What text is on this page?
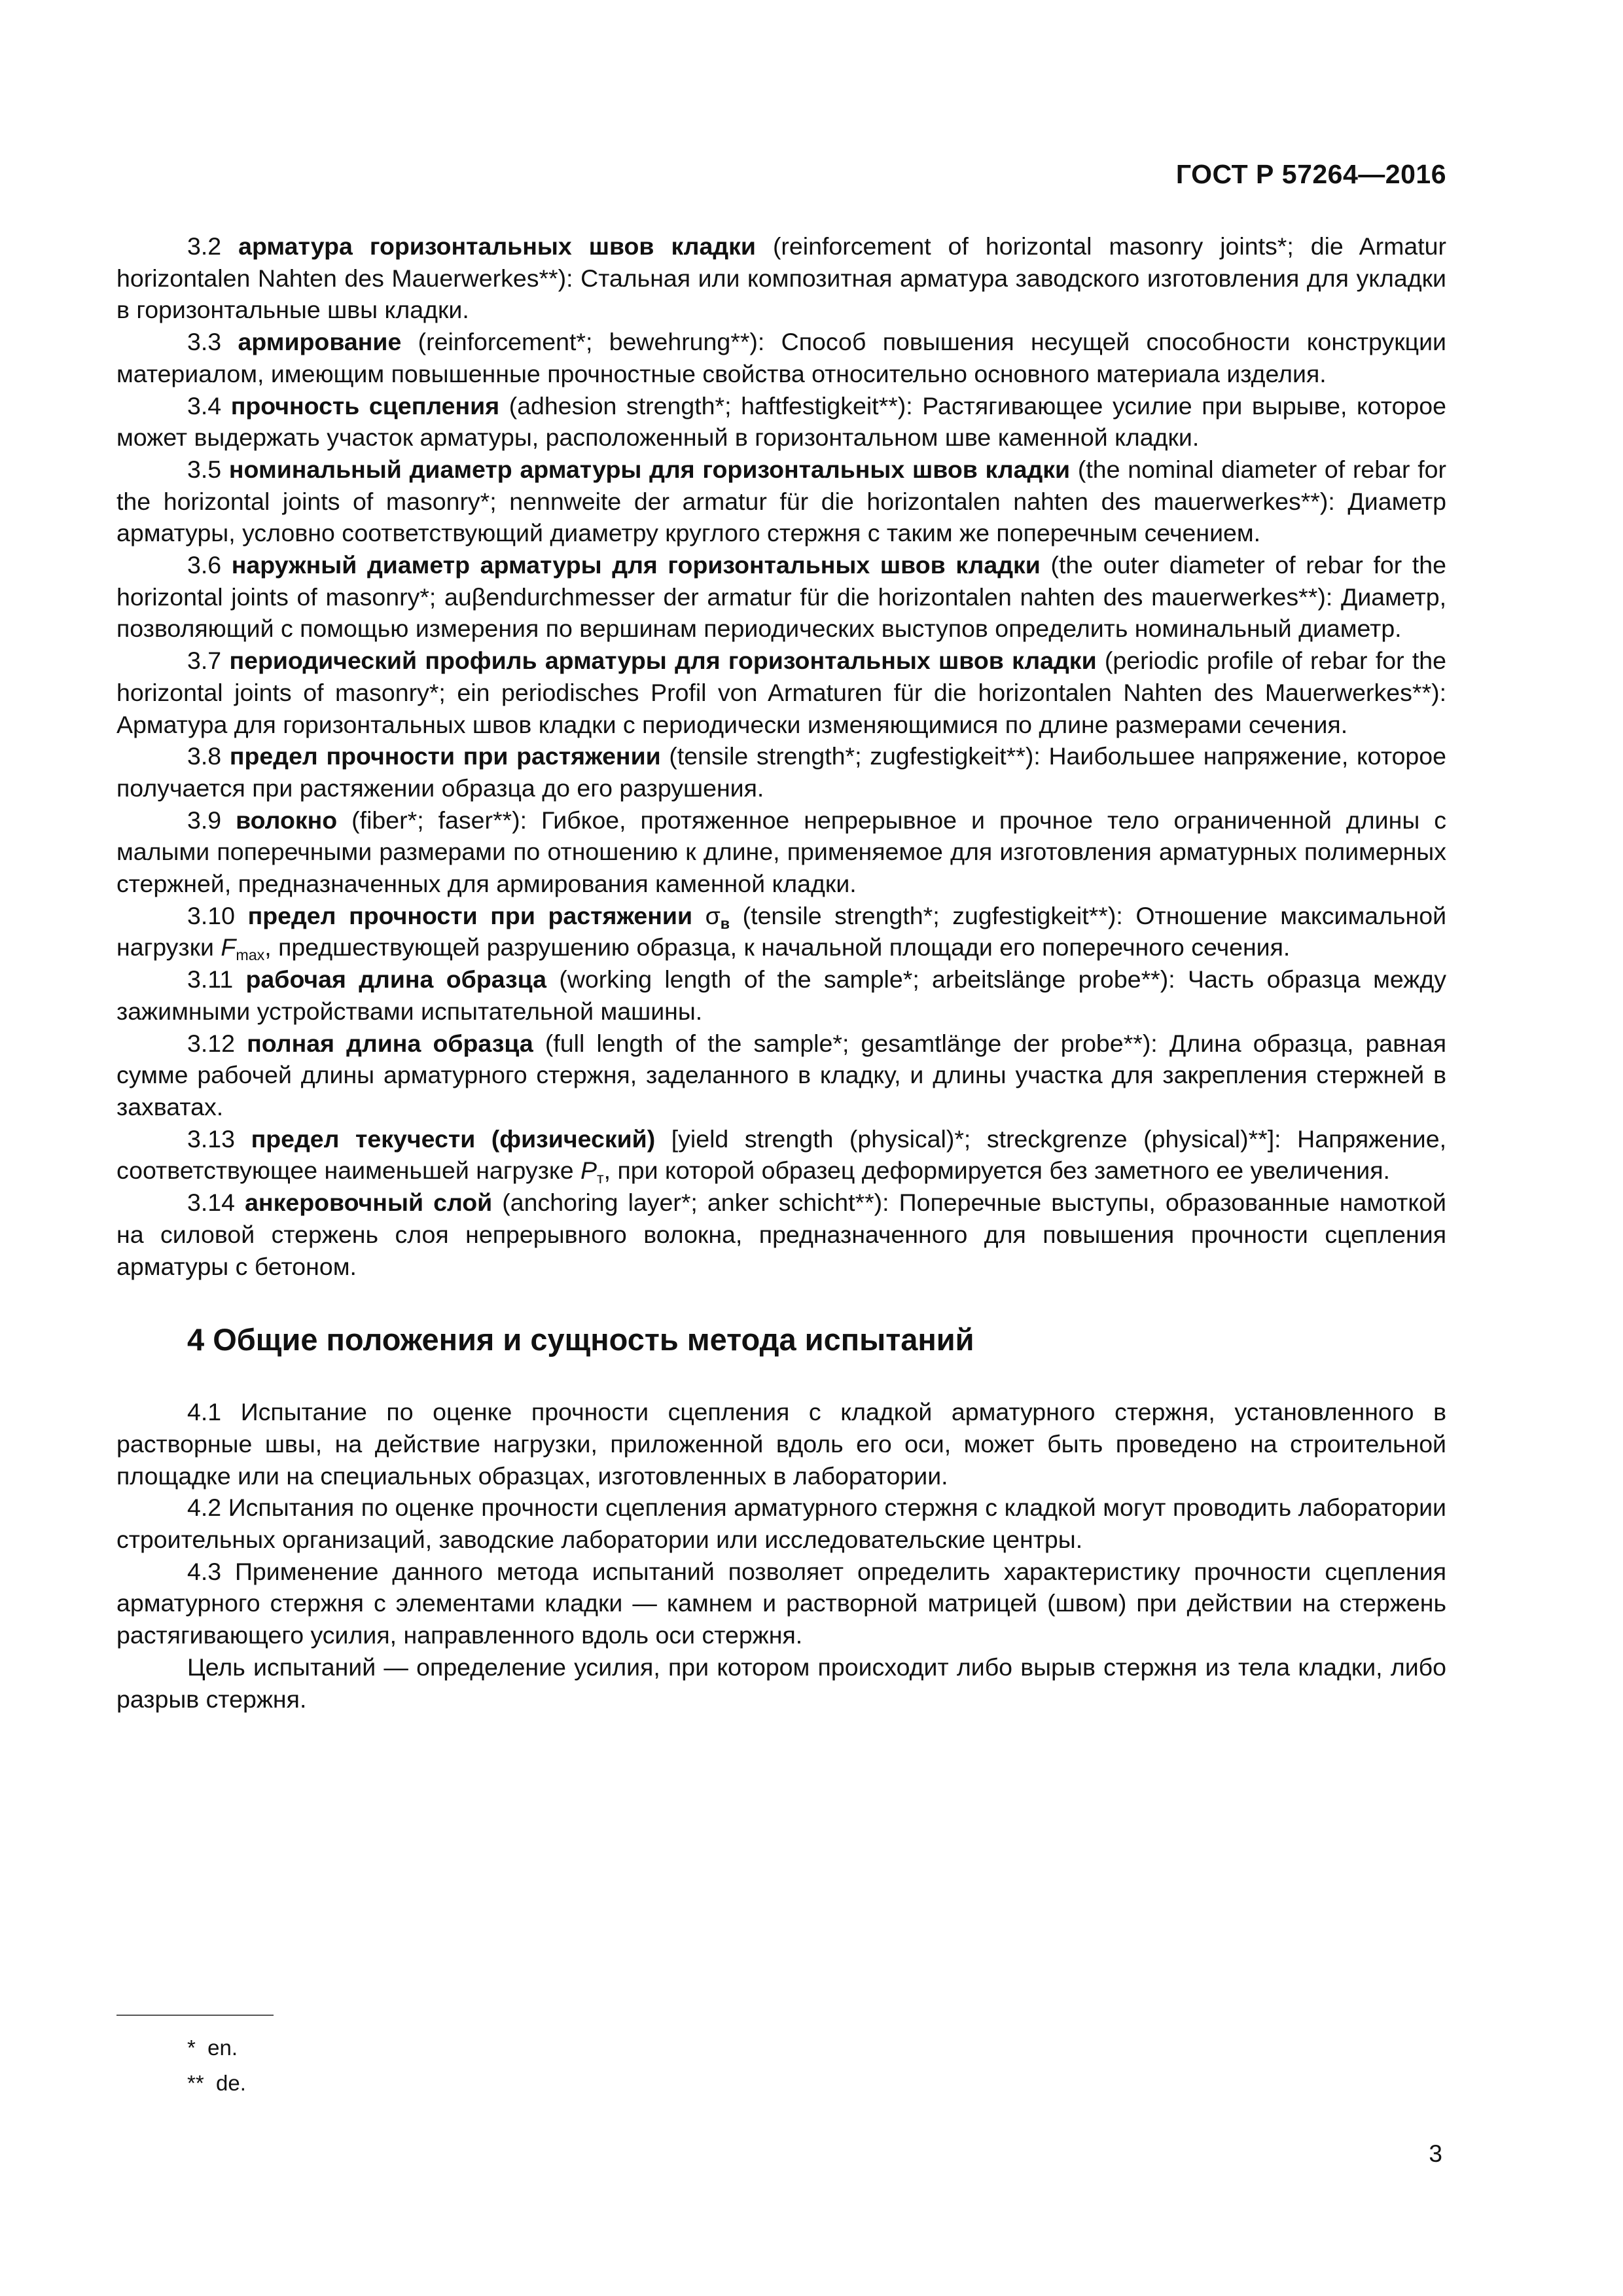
ГОСТ Р 57264—2016

3.2 арматура горизонтальных швов кладки (reinforcement of horizontal masonry joints*; die Armatur horizontalen Nahten des Mauerwerkes**): Стальная или композитная арматура заводского изготовления для укладки в горизонтальные швы кладки.

3.3 армирование (reinforcement*; bewehrung**): Способ повышения несущей способности конструкции материалом, имеющим повышенные прочностные свойства относительно основного материала изделия.

3.4 прочность сцепления (adhesion strength*; haftfestigkeit**): Растягивающее усилие при вырыве, которое может выдержать участок арматуры, расположенный в горизонтальном шве каменной кладки.

3.5 номинальный диаметр арматуры для горизонтальных швов кладки (the nominal diameter of rebar for the horizontal joints of masonry*; nennweite der armatur für die horizontalen nahten des mauerwerkes**): Диаметр арматуры, условно соответствующий диаметру круглого стержня с таким же поперечным сечением.

3.6 наружный диаметр арматуры для горизонтальных швов кладки (the outer diameter of rebar for the horizontal joints of masonry*; auβendurchmesser der armatur für die horizontalen nahten des mauerwerkes**): Диаметр, позволяющий с помощью измерения по вершинам периодических выступов определить номинальный диаметр.

3.7 периодический профиль арматуры для горизонтальных швов кладки (periodic profile of rebar for the horizontal joints of masonry*; ein periodisches Profil von Armaturen für die horizontalen Nahten des Mauerwerkes**): Арматура для горизонтальных швов кладки с периодически изменяющимися по длине размерами сечения.

3.8 предел прочности при растяжении (tensile strength*; zugfestigkeit**): Наибольшее напряжение, которое получается при растяжении образца до его разрушения.

3.9 волокно (fiber*; faser**): Гибкое, протяженное непрерывное и прочное тело ограниченной длины с малыми поперечными размерами по отношению к длине, применяемое для изготовления арматурных полимерных стержней, предназначенных для армирования каменной кладки.

3.10 предел прочности при растяжении $\sigma_в$ (tensile strength*; zugfestigkeit**): Отношение максимальной нагрузки $F_{max}$, предшествующей разрушению образца, к начальной площади его поперечного сечения.

3.11 рабочая длина образца (working length of the sample*; arbeitslänge probe**): Часть образца между зажимными устройствами испытательной машины.

3.12 полная длина образца (full length of the sample*; gesamtlänge der probe**): Длина образца, равная сумме рабочей длины арматурного стержня, заделанного в кладку, и длины участка для закрепления стержней в захватах.

3.13 предел текучести (физический) [yield strength (physical)*; streckgrenze (physical)**]: Напряжение, соответствующее наименьшей нагрузке $P_т$, при которой образец деформируется без заметного ее увеличения.

3.14 анкеровочный слой (anchoring layer*; anker schicht**): Поперечные выступы, образованные намоткой на силовой стержень слоя непрерывного волокна, предназначенного для повышения прочности сцепления арматуры с бетоном.

4 Общие положения и сущность метода испытаний

4.1 Испытание по оценке прочности сцепления с кладкой арматурного стержня, установленного в растворные швы, на действие нагрузки, приложенной вдоль его оси, может быть проведено на строительной площадке или на специальных образцах, изготовленных в лаборатории.

4.2 Испытания по оценке прочности сцепления арматурного стержня с кладкой могут проводить лаборатории строительных организаций, заводские лаборатории или исследовательские центры.

4.3 Применение данного метода испытаний позволяет определить характеристику прочности сцепления арматурного стержня с элементами кладки — камнем и растворной матрицей (швом) при действии на стержень растягивающего усилия, направленного вдоль оси стержня.

Цель испытаний — определение усилия, при котором происходит либо вырыв стержня из тела кладки, либо разрыв стержня.

*  en.
**  de.
3
